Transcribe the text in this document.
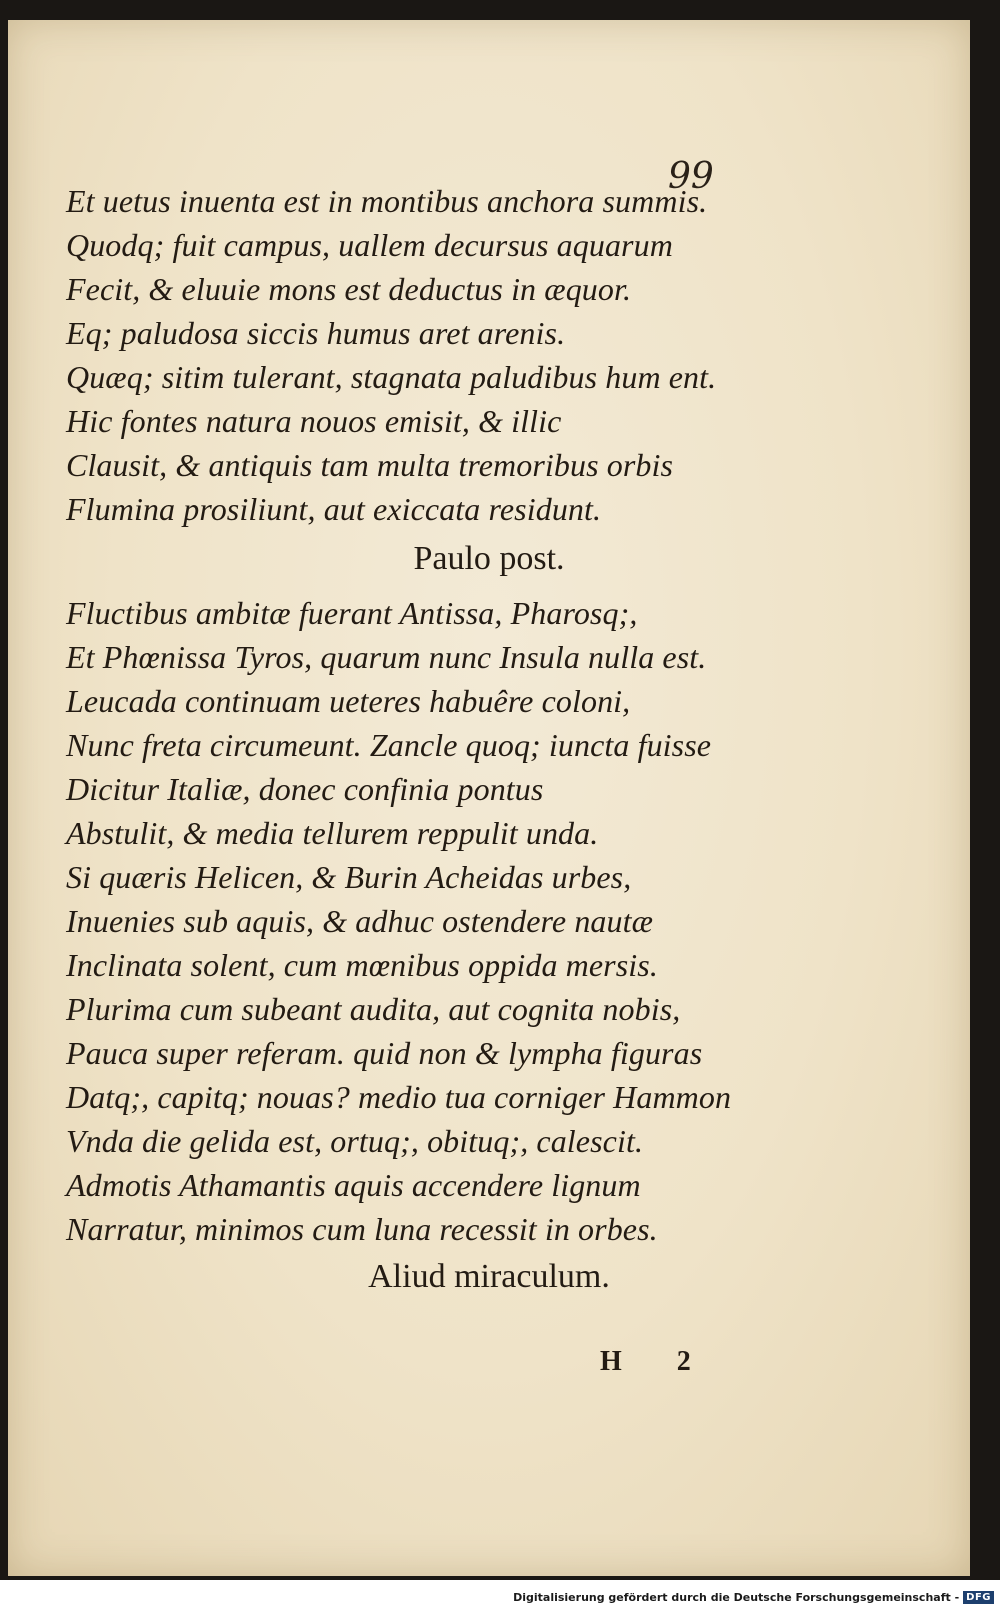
99
Et uetus inuenta est in montibus anchora summis.
Quodq; fuit campus, uallem decursus aquarum
Fecit, & eluuie mons est deductus in æquor.
Eq; paludosa siccis humus aret arenis.
Quæq; sitim tulerant, stagnata paludibus hum ent.
Hic fontes natura nouos emisit, & illic
Clausit, & antiquis tam multa tremoribus orbis
Flumina prosiliunt, aut exiccata residunt.
Paulo post.
Fluctibus ambitæ fuerant Antissa, Pharosq;,
Et Phœnissa Tyros, quarum nunc Insula nulla est.
Leucada continuam ueteres habuêre coloni,
Nunc freta circumeunt. Zancle quoq; iuncta fuisse
Dicitur Italiæ, donec confinia pontus
Abstulit, & media tellurem reppulit unda.
Si quæris Helicen, & Burin Acheidas urbes,
Inuenies sub aquis, & adhuc ostendere nautæ
Inclinata solent, cum mœnibus oppida mersis.
Plurima cum subeant audita, aut cognita nobis,
Pauca super referam. quid non & lympha figuras
Datq;, capitq; nouas? medio tua corniger Hammon
Vnda die gelida est, ortuq;, obituq;, calescit.
Admotis Athamantis aquis accendere lignum
Narratur, minimos cum luna recessit in orbes.
Aliud miraculum.
H 2
Digitalisierung gefördert durch die Deutsche Forschungsgemeinschaft - DFG
